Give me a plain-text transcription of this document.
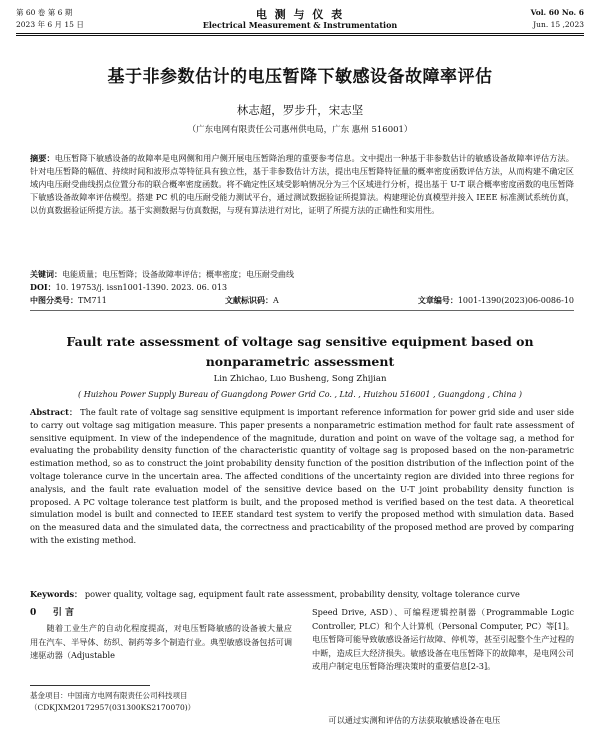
第 60 卷 第 6 期
2023 年 6 月 15 日
电 测 与 仪 表
Electrical Measurement & Instrumentation
Vol. 60 No. 6
Jun. 15 ,2023
基于非参数估计的电压暂降下敏感设备故障率评估
林志超，罗步升，宋志坚
（广东电网有限责任公司惠州供电局，广东 惠州 516001）
摘要：电压暂降下敏感设备的故障率是电网侧和用户侧开展电压暂降治理的重要参考信息。文中提出一种基于非参数估计的敏感设备故障率评估方法。针对电压暂降的幅值、持续时间和波形点等特征具有独立性，基于非参数估计方法，提出电压暂降特征量的概率密度函数评估方法，从而构建不确定区域内电压耐受曲线拐点位置分布的联合概率密度函数。将不确定性区域受影响情况分为三个区域进行分析，提出基于 U-T 联合概率密度函数的电压暂降下敏感设备故障率评估模型。搭建 PC 机的电压耐受能力测试平台，通过测试数据验证所提算法。构建理论仿真模型并接入 IEEE 标准测试系统仿真，以仿真数据验证所提方法。基于实测数据与仿真数据，与现有算法进行对比，证明了所提方法的正确性和实用性。
关键词：电能质量；电压暂降；设备故障率评估；概率密度；电压耐受曲线
DOI：10. 19753/j. issn1001-1390. 2023. 06. 013
中图分类号：TM711	文献标识码：A	文章编号：1001-1390(2023)06-0086-10
Fault rate assessment of voltage sag sensitive equipment based on
nonparametric assessment
Lin Zhichao, Luo Busheng, Song Zhijian
( Huizhou Power Supply Bureau of Guangdong Power Grid Co. , Ltd. , Huizhou 516001 , Guangdong , China )
Abstract： The fault rate of voltage sag sensitive equipment is important reference information for power grid side and user side to carry out voltage sag mitigation measure. This paper presents a nonparametric estimation method for fault rate assessment of sensitive equipment. In view of the independence of the magnitude, duration and point on wave of the voltage sag, a method for evaluating the probability density function of the characteristic quantity of voltage sag is proposed based on the non-parametric estimation method, so as to construct the joint probability density function of the position distribution of the inflection point of the voltage tolerance curve in the uncertain area. The affected conditions of the uncertainty region are divided into three regions for analysis, and the fault rate evaluation model of the sensitive device based on the U-T joint probability density function is proposed. A PC voltage tolerance test platform is built, and the proposed method is verified based on the test data. A theoretical simulation model is built and connected to IEEE standard test system to verify the proposed method with simulation data. Based on the measured data and the simulated data, the correctness and practicability of the proposed method are proved by comparing with the existing method.
Keywords： power quality, voltage sag, equipment fault rate assessment, probability density, voltage tolerance curve
0 引 言
随着工业生产的自动化程度提高，对电压暂降敏感的设备被大量应用在汽车、半导体、纺织、制药等多个制造行业。典型敏感设备包括可调速驱动器（Adjustable
基金项目：中国南方电网有限责任公司科技项目（CDKJXM20172957(031300KS2170070)）
Speed Drive, ASD）、可编程逻辑控制器（Programmable Logic Controller, PLC）和个人计算机（Personal Computer, PC）等[1]。电压暂降可能导致敏感设备运行故障、停机等，甚至引起整个生产过程的中断，造成巨大经济损失。敏感设备在电压暂降下的故障率，是电网公司或用户制定电压暂降治理决策时的重要信息[2-3]。
可以通过实测和评估的方法获取敏感设备在电压
